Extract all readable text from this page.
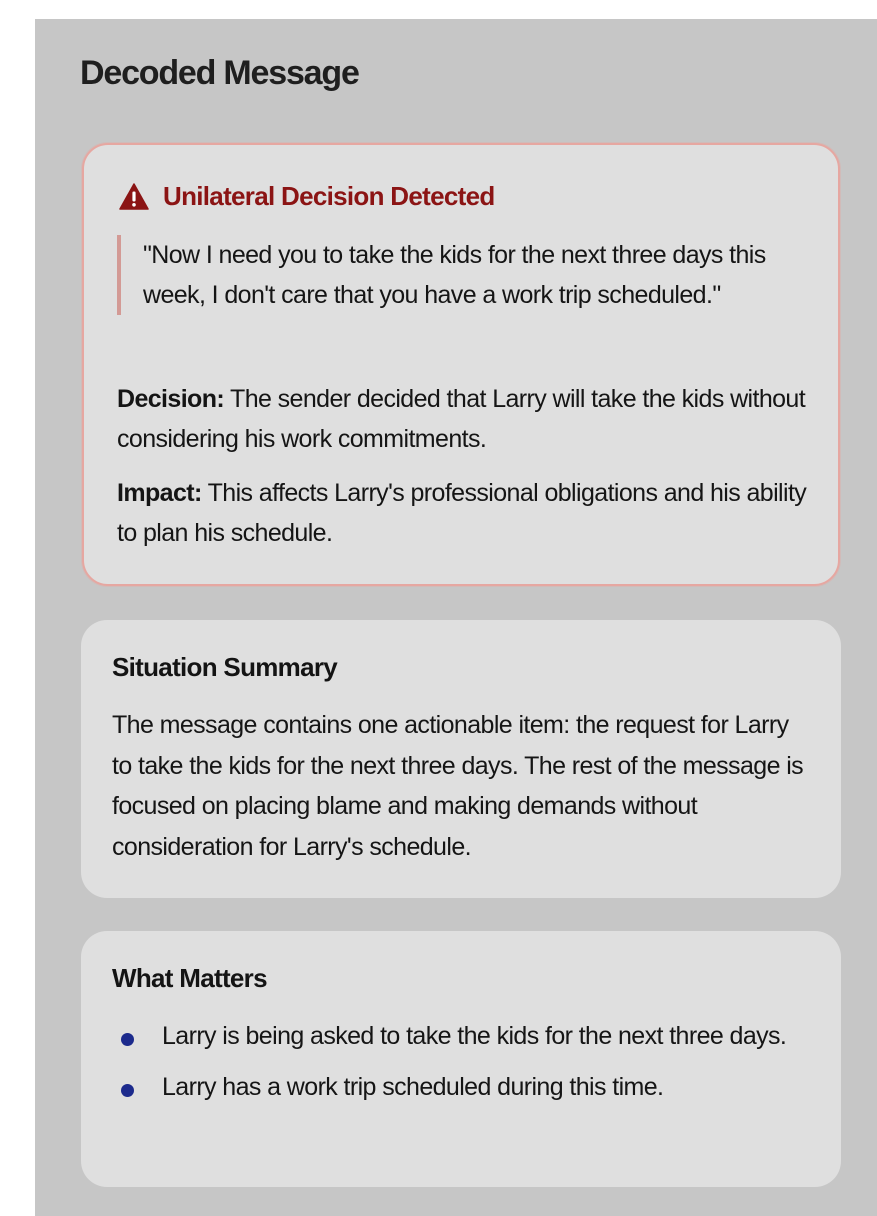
Decoded Message
Unilateral Decision Detected
"Now I need you to take the kids for the next three days this week, I don't care that you have a work trip scheduled."
Decision: The sender decided that Larry will take the kids without considering his work commitments.
Impact: This affects Larry's professional obligations and his ability to plan his schedule.
Situation Summary
The message contains one actionable item: the request for Larry to take the kids for the next three days. The rest of the message is focused on placing blame and making demands without consideration for Larry's schedule.
What Matters
Larry is being asked to take the kids for the next three days.
Larry has a work trip scheduled during this time.
